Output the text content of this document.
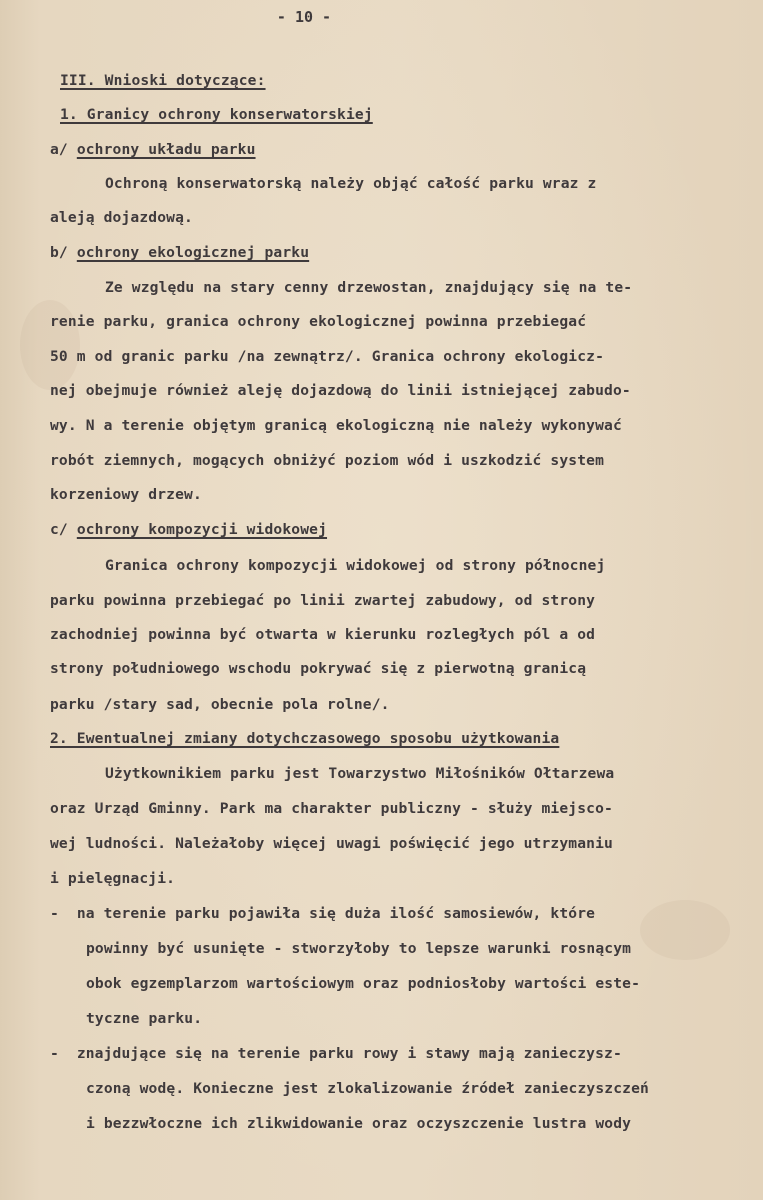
- 10 -
III. Wnioski dotyczące:
1. Granicy ochrony konserwatorskiej
a/ ochrony układu parku
Ochroną konserwatorską należy objąć całość parku wraz z
aleją dojazdową.
b/ ochrony ekologicznej parku
Ze względu na stary cenny drzewostan, znajdujący się na te-
renie parku, granica ochrony ekologicznej powinna przebiegać
50 m od granic parku /na zewnątrz/. Granica ochrony ekologicz-
nej obejmuje również aleję dojazdową do linii istniejącej zabudo-
wy. N a terenie objętym granicą ekologiczną nie należy wykonywać
robót ziemnych, mogących obniżyć poziom wód i uszkodzić system
korzeniowy drzew.
c/ ochrony kompozycji widokowej
Granica ochrony kompozycji widokowej od strony północnej
parku powinna przebiegać po linii zwartej zabudowy, od strony
zachodniej powinna być otwarta w kierunku rozległych pól a od
strony południowego wschodu pokrywać się z pierwotną granicą
parku /stary sad, obecnie pola rolne/.
2. Ewentualnej zmiany dotychczasowego sposobu użytkowania
Użytkownikiem parku jest Towarzystwo Miłośników Ołtarzewa
oraz Urząd Gminny. Park ma charakter publiczny - służy miejsco-
wej ludności. Należałoby więcej uwagi poświęcić jego utrzymaniu
i pielęgnacji.
-  na terenie parku pojawiła się duża ilość samosiewów, które
powinny być usunięte - stworzyłoby to lepsze warunki rosnącym
obok egzemplarzom wartościowym oraz podniosłoby wartości este-
tyczne parku.
-  znajdujące się na terenie parku rowy i stawy mają zanieczysz-
czoną wodę. Konieczne jest zlokalizowanie źródeł zanieczyszczeń
i bezzwłoczne ich zlikwidowanie oraz oczyszczenie lustra wody
